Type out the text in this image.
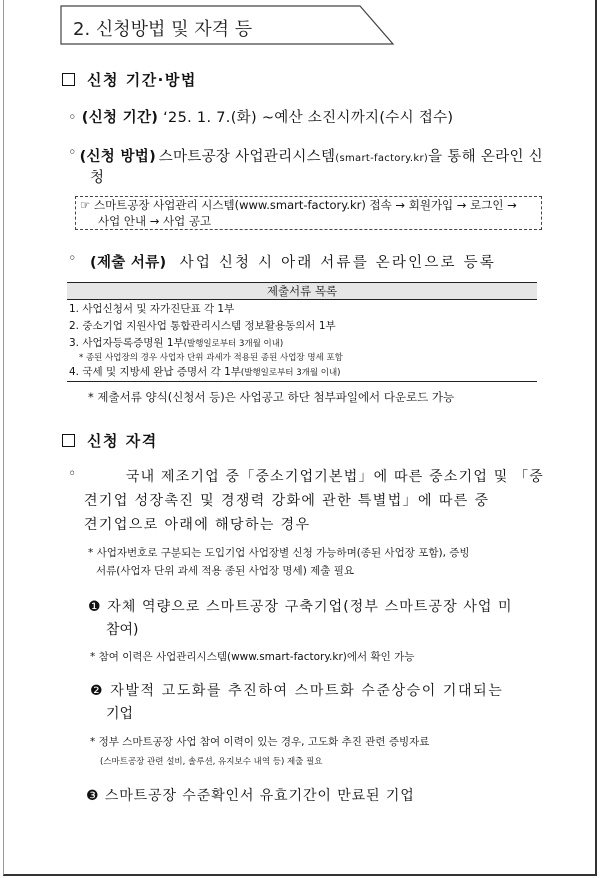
2. 신청방법 및 자격 등
신청 기간·방법
◦ (신청 기간) ‘25. 1. 7.(화) ~예산 소진시까지(수시 접수)
◦ (신청 방법) 스마트공장 사업관리시스템(smart-factory.kr)을 통해 온라인 신
청
☞ 스마트공장 사업관리 시스템(www.smart-factory.kr) 접속 → 회원가입 → 로그인 →
사업 안내 → 사업 공고
◦ (제출 서류) 사업 신청 시 아래 서류를 온라인으로 등록
제출서류 목록
1. 사업신청서 및 자가진단표 각 1부
2. 중소기업 지원사업 통합관리시스템 정보활용동의서 1부
3. 사업자등록증명원 1부(발행일로부터 3개월 이내)
* 종된 사업장의 경우 사업자 단위 과세가 적용된 종된 사업장 명세 포함
4. 국세 및 지방세 완납 증명서 각 1부(발행일로부터 3개월 이내)
* 제출서류 양식(신청서 등)은 사업공고 하단 첨부파일에서 다운로드 가능
신청 자격
◦	국내 제조기업 중「중소기업기본법」에 따른 중소기업 및 「중
견기업 성장촉진 및 경쟁력 강화에 관한 특별법」에 따른 중
견기업으로 아래에 해당하는 경우
* 사업자번호로 구분되는 도입기업 사업장별 신청 가능하며(종된 사업장 포함), 증빙
서류(사업자 단위 과세 적용 종된 사업장 명세) 제출 필요
❶ 자체 역량으로 스마트공장 구축기업(정부 스마트공장 사업 미
참여)
* 참여 이력은 사업관리시스템(www.smart-factory.kr)에서 확인 가능
❷ 자발적 고도화를 추진하여 스마트화 수준상승이 기대되는
기업
* 정부 스마트공장 사업 참여 이력이 있는 경우, 고도화 추진 관련 증빙자료
(스마트공장 관련 설비, 솔루션, 유지보수 내역 등) 제출 필요
❸ 스마트공장 수준확인서 유효기간이 만료된 기업
